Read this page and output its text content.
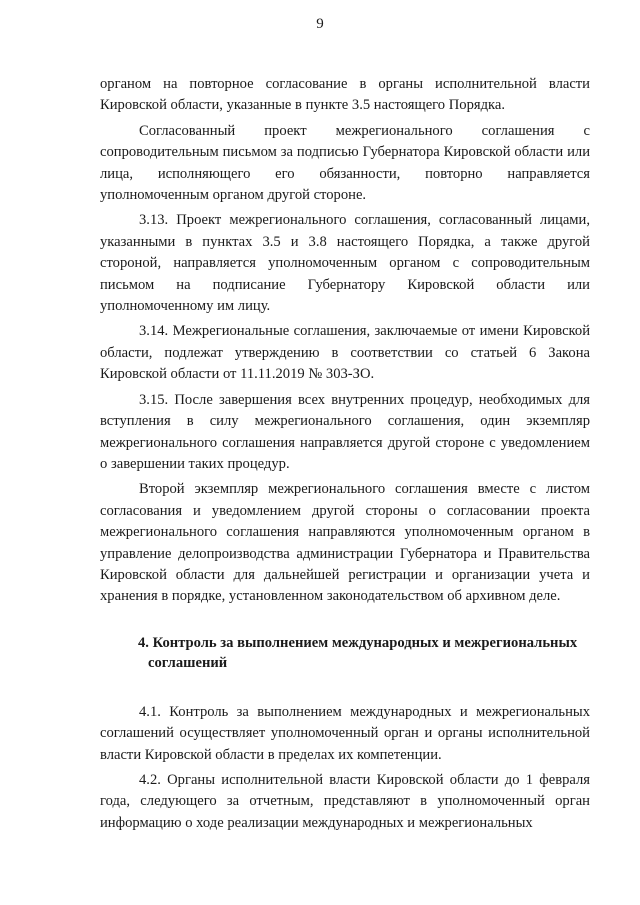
9

органом на повторное согласование в органы исполнительной власти Кировской области, указанные в пункте 3.5 настоящего Порядка.

Согласованный проект межрегионального соглашения с сопроводительным письмом за подписью Губернатора Кировской области или лица, исполняющего его обязанности, повторно направляется уполномоченным органом другой стороне.

3.13. Проект межрегионального соглашения, согласованный лицами, указанными в пунктах 3.5 и 3.8 настоящего Порядка, а также другой стороной, направляется уполномоченным органом с сопроводительным письмом на подписание Губернатору Кировской области или уполномоченному им лицу.

3.14. Межрегиональные соглашения, заключаемые от имени Кировской области, подлежат утверждению в соответствии со статьей 6 Закона Кировской области от 11.11.2019 № 303-ЗО.

3.15. После завершения всех внутренних процедур, необходимых для вступления в силу межрегионального соглашения, один экземпляр межрегионального соглашения направляется другой стороне с уведомлением о завершении таких процедур.

Второй экземпляр межрегионального соглашения вместе с листом согласования и уведомлением другой стороны о согласовании проекта межрегионального соглашения направляются уполномоченным органом в управление делопроизводства администрации Губернатора и Правительства Кировской области для дальнейшей регистрации и организации учета и хранения в порядке, установленном законодательством об архивном деле.

4. Контроль за выполнением международных и межрегиональных
соглашений

4.1. Контроль за выполнением международных и межрегиональных соглашений осуществляет уполномоченный орган и органы исполнительной власти Кировской области в пределах их компетенции.

4.2. Органы исполнительной власти Кировской области до 1 февраля года, следующего за отчетным, представляют в уполномоченный орган информацию о ходе реализации международных и межрегиональных
